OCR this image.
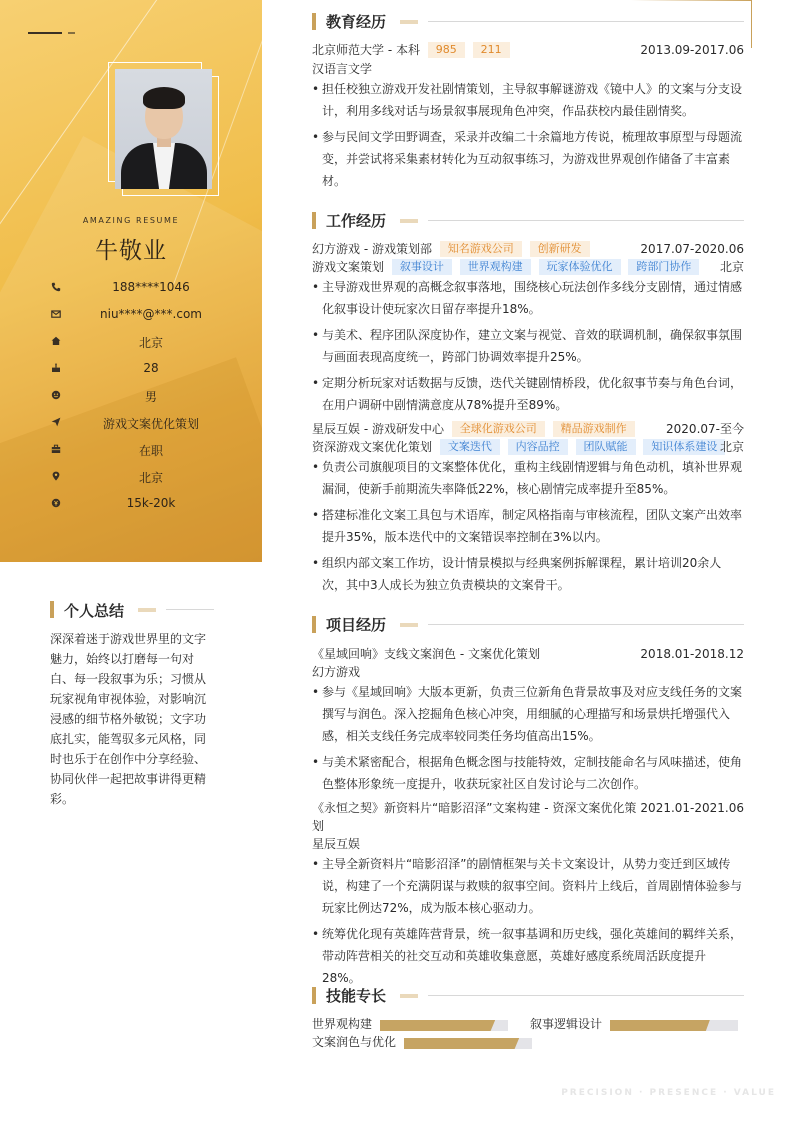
AMAZING RESUME
牛敬业
188****1046
niu****@***.com
北京
28
男
游戏文案优化策划
在职
北京
15k-20k
个人总结
深深着迷于游戏世界里的文字魅力，始终以打磨每一句对白、每一段叙事为乐；习惯从玩家视角审视体验，对影响沉浸感的细节格外敏锐；文字功底扎实，能驾驭多元风格，同时也乐于在创作中分享经验、协同伙伴一起把故事讲得更精彩。
教育经历
北京师范大学 - 本科 985 211	2013.09-2017.06
汉语言文学
• 担任校独立游戏开发社剧情策划，主导叙事解谜游戏《镜中人》的文案与分支设计，利用多线对话与场景叙事展现角色冲突，作品获校内最佳剧情奖。
• 参与民间文学田野调查，采录并改编二十余篇地方传说，梳理故事原型与母题流变，并尝试将采集素材转化为互动叙事练习，为游戏世界观创作储备了丰富素材。
工作经历
幻方游戏 - 游戏策划部 知名游戏公司 创新研发	2017.07-2020.06
游戏文案策划 叙事设计 世界观构建 玩家体验优化 跨部门协作 北京
• 主导游戏世界观的高概念叙事落地，围绕核心玩法创作多线分支剧情，通过情感化叙事设计使玩家次日留存率提升18%。
• 与美术、程序团队深度协作，建立文案与视觉、音效的联调机制，确保叙事氛围与画面表现高度统一，跨部门协调效率提升25%。
• 定期分析玩家对话数据与反馈，迭代关键剧情桥段，优化叙事节奏与角色台词，在用户调研中剧情满意度从78%提升至89%。
星辰互娱 - 游戏研发中心 全球化游戏公司 精品游戏制作	2020.07-至今
资深游戏文案优化策划 文案迭代 内容品控 团队赋能 知识体系建设 北京
• 负责公司旗舰项目的文案整体优化，重构主线剧情逻辑与角色动机，填补世界观漏洞，使新手前期流失率降低22%，核心剧情完成率提升至85%。
• 搭建标准化文案工具包与术语库，制定风格指南与审核流程，团队文案产出效率提升35%，版本迭代中的文案错误率控制在3%以内。
• 组织内部文案工作坊，设计情景模拟与经典案例拆解课程，累计培训20余人次，其中3人成长为独立负责模块的文案骨干。
项目经历
《星域回响》支线文案润色 - 文案优化策划	2018.01-2018.12
幻方游戏
• 参与《星域回响》大版本更新，负责三位新角色背景故事及对应支线任务的文案撰写与润色。深入挖掘角色核心冲突，用细腻的心理描写和场景烘托增强代入感，相关支线任务完成率较同类任务均值高出15%。
• 与美术紧密配合，根据角色概念图与技能特效，定制技能命名与风味描述，使角色整体形象统一度提升，收获玩家社区自发讨论与二次创作。
《永恒之契》新资料片“暗影沼泽”文案构建 - 资深文案优化策划
2021.01-2021.06
星辰互娱
• 主导全新资料片“暗影沼泽”的剧情框架与关卡文案设计，从势力变迁到区域传说，构建了一个充满阴谋与救赎的叙事空间。资料片上线后，首周剧情体验参与玩家比例达72%，成为版本核心驱动力。
• 统筹优化现有英雄阵营背景，统一叙事基调和历史线，强化英雄间的羁绊关系，带动阵营相关的社交互动和英雄收集意愿，英雄好感度系统周活跃度提升28%。
技能专长
世界观构建	叙事逻辑设计
文案润色与优化
PRECISION · PRESENCE · VALUE
